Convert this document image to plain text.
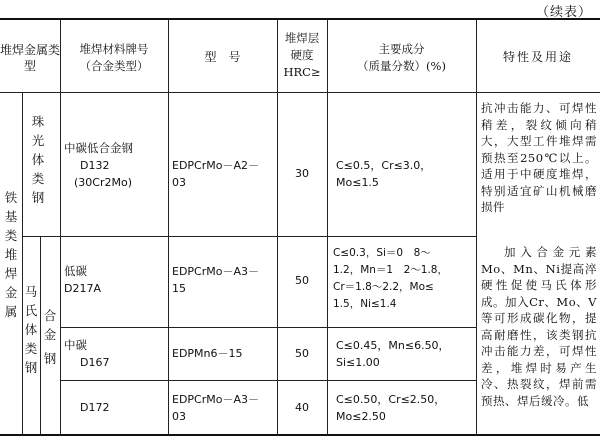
（续表）
堆焊金属类型
堆焊材料牌号
（合金类型）
型　号
堆焊层
硬度
HRC≥
主要成分
（质量分数）(%)
特性及用途
铁
基
类
堆
焊
金
属
珠
光
体
类
钢
马
氏
体
类
钢
合
金
钢
中碳低合金钢
D132
(30Cr2Mo)
EDPCrMo－A2－
03
30
C≤0.5，Cr≤3.0，
Mo≤1.5
抗冲击能力、可焊性稍差，裂纹倾向稍大，大型工件堆焊需预热至250℃以上。适用于中硬度堆焊，特别适宜矿山机械磨损件
低碳
D217A
EDPCrMo－A3－
15
50
C≤0.3，Si＝0　8～
1.2，Mn＝1　2～1.8，
Cr＝1.8～2.2，Mo≤
1.5，Ni≤1.4
加入合金元素Mo、Mn、Ni提高淬硬性促使马氏体形成。加入Cr、Mo、V等可形成碳化物，提高耐磨性，该类钢抗冲击能力差，可焊性差，堆焊时易产生冷、热裂纹，焊前需预热、焊后缓冷。低
中碳
D167
EDPMn6－15	50
C≤0.45，Mn≤6.50，
Si≤1.00
D172
EDPCrMo－A3－
03
40
C≤0.50，Cr≤2.50，
Mo≤2.50
